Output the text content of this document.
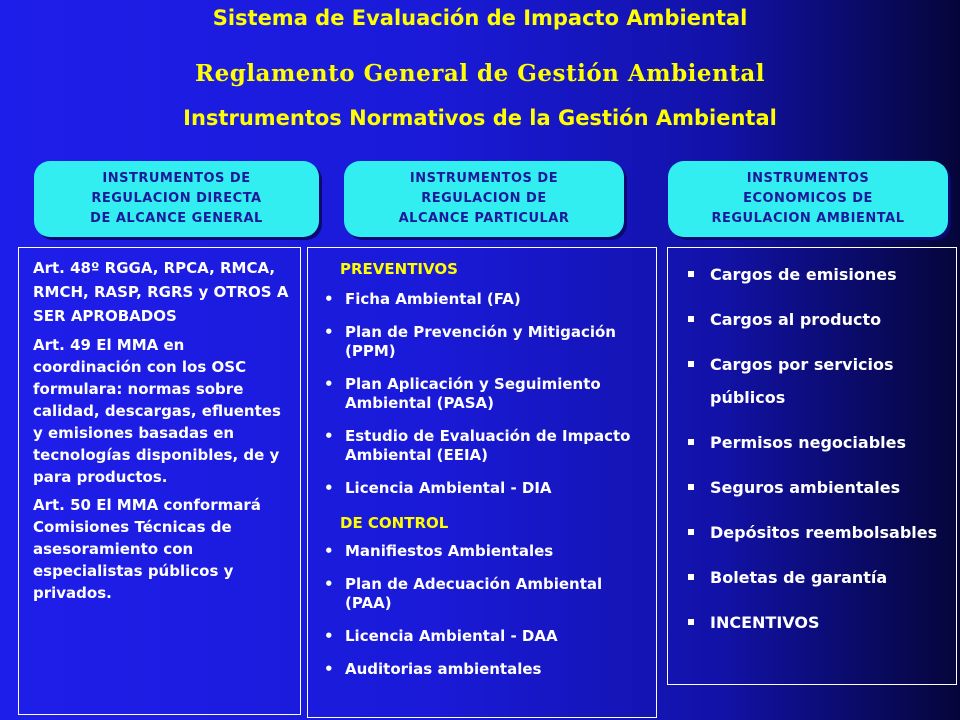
Sistema de Evaluación de Impacto Ambiental
Reglamento General de Gestión Ambiental
Instrumentos Normativos de la Gestión Ambiental
INSTRUMENTOS DE
REGULACION DIRECTA
DE ALCANCE GENERAL
INSTRUMENTOS DE
REGULACION DE
ALCANCE PARTICULAR
INSTRUMENTOS
ECONOMICOS DE
REGULACION AMBIENTAL

Art. 48º RGGA, RPCA, RMCA, RMCH, RASP, RGRS y OTROS A SER APROBADOS

Art. 49 El MMA en coordinación con los OSC formulara: normas sobre calidad, descargas, efluentes y emisiones basadas en tecnologías disponibles, de y para productos.

Art. 50 El MMA conformará Comisiones Técnicas de asesoramiento con especialistas públicos y privados.

PREVENTIVOS

• Ficha Ambiental (FA)
• Plan de Prevención y Mitigación (PPM)
• Plan Aplicación y Seguimiento Ambiental (PASA)
• Estudio de Evaluación de Impacto Ambiental (EEIA)
• Licencia Ambiental - DIA

DE CONTROL

• Manifiestos Ambientales
• Plan de Adecuación Ambiental (PAA)
• Licencia Ambiental - DAA
• Auditorias ambientales
Cargos de emisiones
Cargos al producto
Cargos por servicios públicos
Permisos negociables
Seguros ambientales
Depósitos reembolsables
Boletas de garantía
INCENTIVOS
